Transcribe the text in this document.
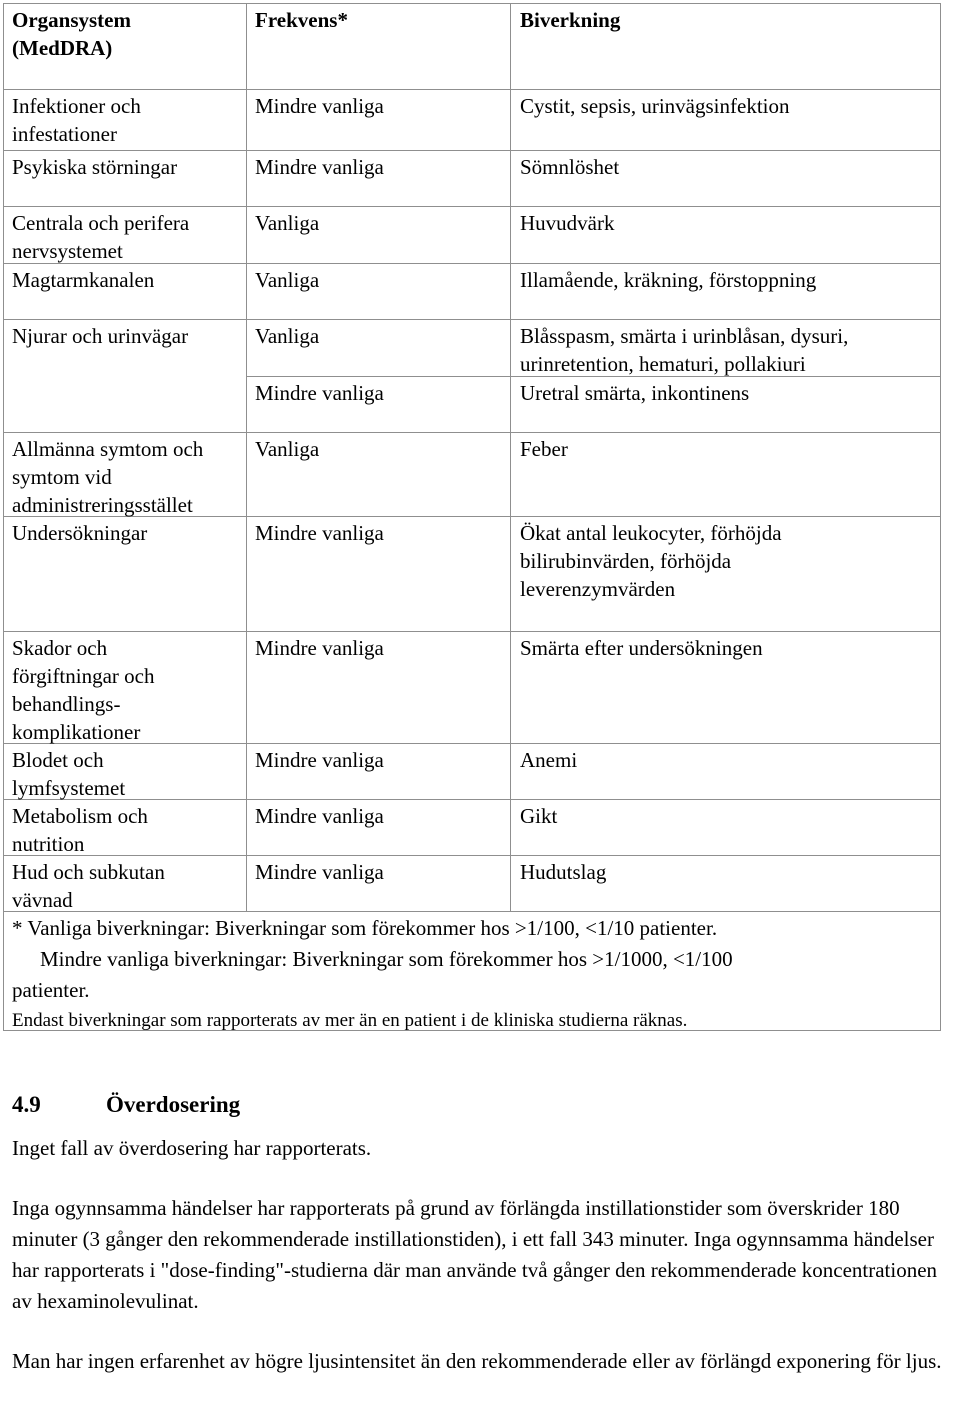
Organsystem
(MedDRA)
Frekvens*	Biverkning
Infektioner och
infestationer
Mindre vanliga	Cystit, sepsis, urinvägsinfektion
Psykiska störningar	Mindre vanliga	Sömnlöshet
Centrala och perifera
nervsystemet
Vanliga	Huvudvärk
Magtarmkanalen	Vanliga	Illamående, kräkning, förstoppning
Njurar och urinvägar	Vanliga	Blåsspasm, smärta i urinblåsan, dysuri,
urinretention, hematuri, pollakiuri
Mindre vanliga	Uretral smärta, inkontinens
Allmänna symtom och
symtom vid
administreringsstället
Vanliga	Feber
Undersökningar	Mindre vanliga	Ökat antal leukocyter, förhöjda
bilirubinvärden, förhöjda
leverenzymvärden
Skador och
förgiftningar och
behandlings-
komplikationer
Mindre vanliga	Smärta efter undersökningen
Blodet och
lymfsystemet
Mindre vanliga	Anemi
Metabolism och
nutrition
Mindre vanliga	Gikt
Hud och subkutan
vävnad
Mindre vanliga	Hudutslag
* Vanliga biverkningar: Biverkningar som förekommer hos >1/100, <1/10 patienter.
Mindre vanliga biverkningar: Biverkningar som förekommer hos >1/1000, <1/100
patienter.
Endast biverkningar som rapporterats av mer än en patient i de kliniska studierna räknas.
4.9	Överdosering
Inget fall av överdosering har rapporterats.
Inga ogynnsamma händelser har rapporterats på grund av förlängda instillationstider som överskrider 180 minuter (3 gånger den rekommenderade instillationstiden), i ett fall 343 minuter. Inga ogynnsamma händelser har rapporterats i "dose-finding"-studierna där man använde två gånger den rekommenderade koncentrationen av hexaminolevulinat.
Man har ingen erfarenhet av högre ljusintensitet än den rekommenderade eller av förlängd exponering för ljus.
